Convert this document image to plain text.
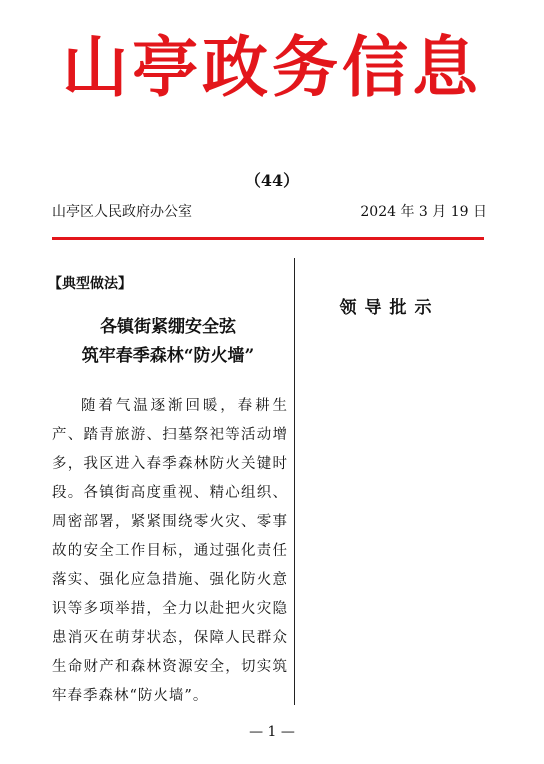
山亭政务信息
（44）
山亭区人民政府办公室	2024 年 3 月 19 日
【典型做法】
各镇街紧绷安全弦
筑牢春季森林“防火墙”

随着气温逐渐回暖，春耕生产、踏青旅游、扫墓祭祀等活动增多，我区进入春季森林防火关键时段。各镇街高度重视、精心组织、周密部署，紧紧围绕零火灾、零事故的安全工作目标，通过强化责任落实、强化应急措施、强化防火意识等多项举措，全力以赴把火灾隐患消灭在萌芽状态，保障人民群众生命财产和森林资源安全，切实筑牢春季森林“防火墙”。

领导批示
— 1 —
